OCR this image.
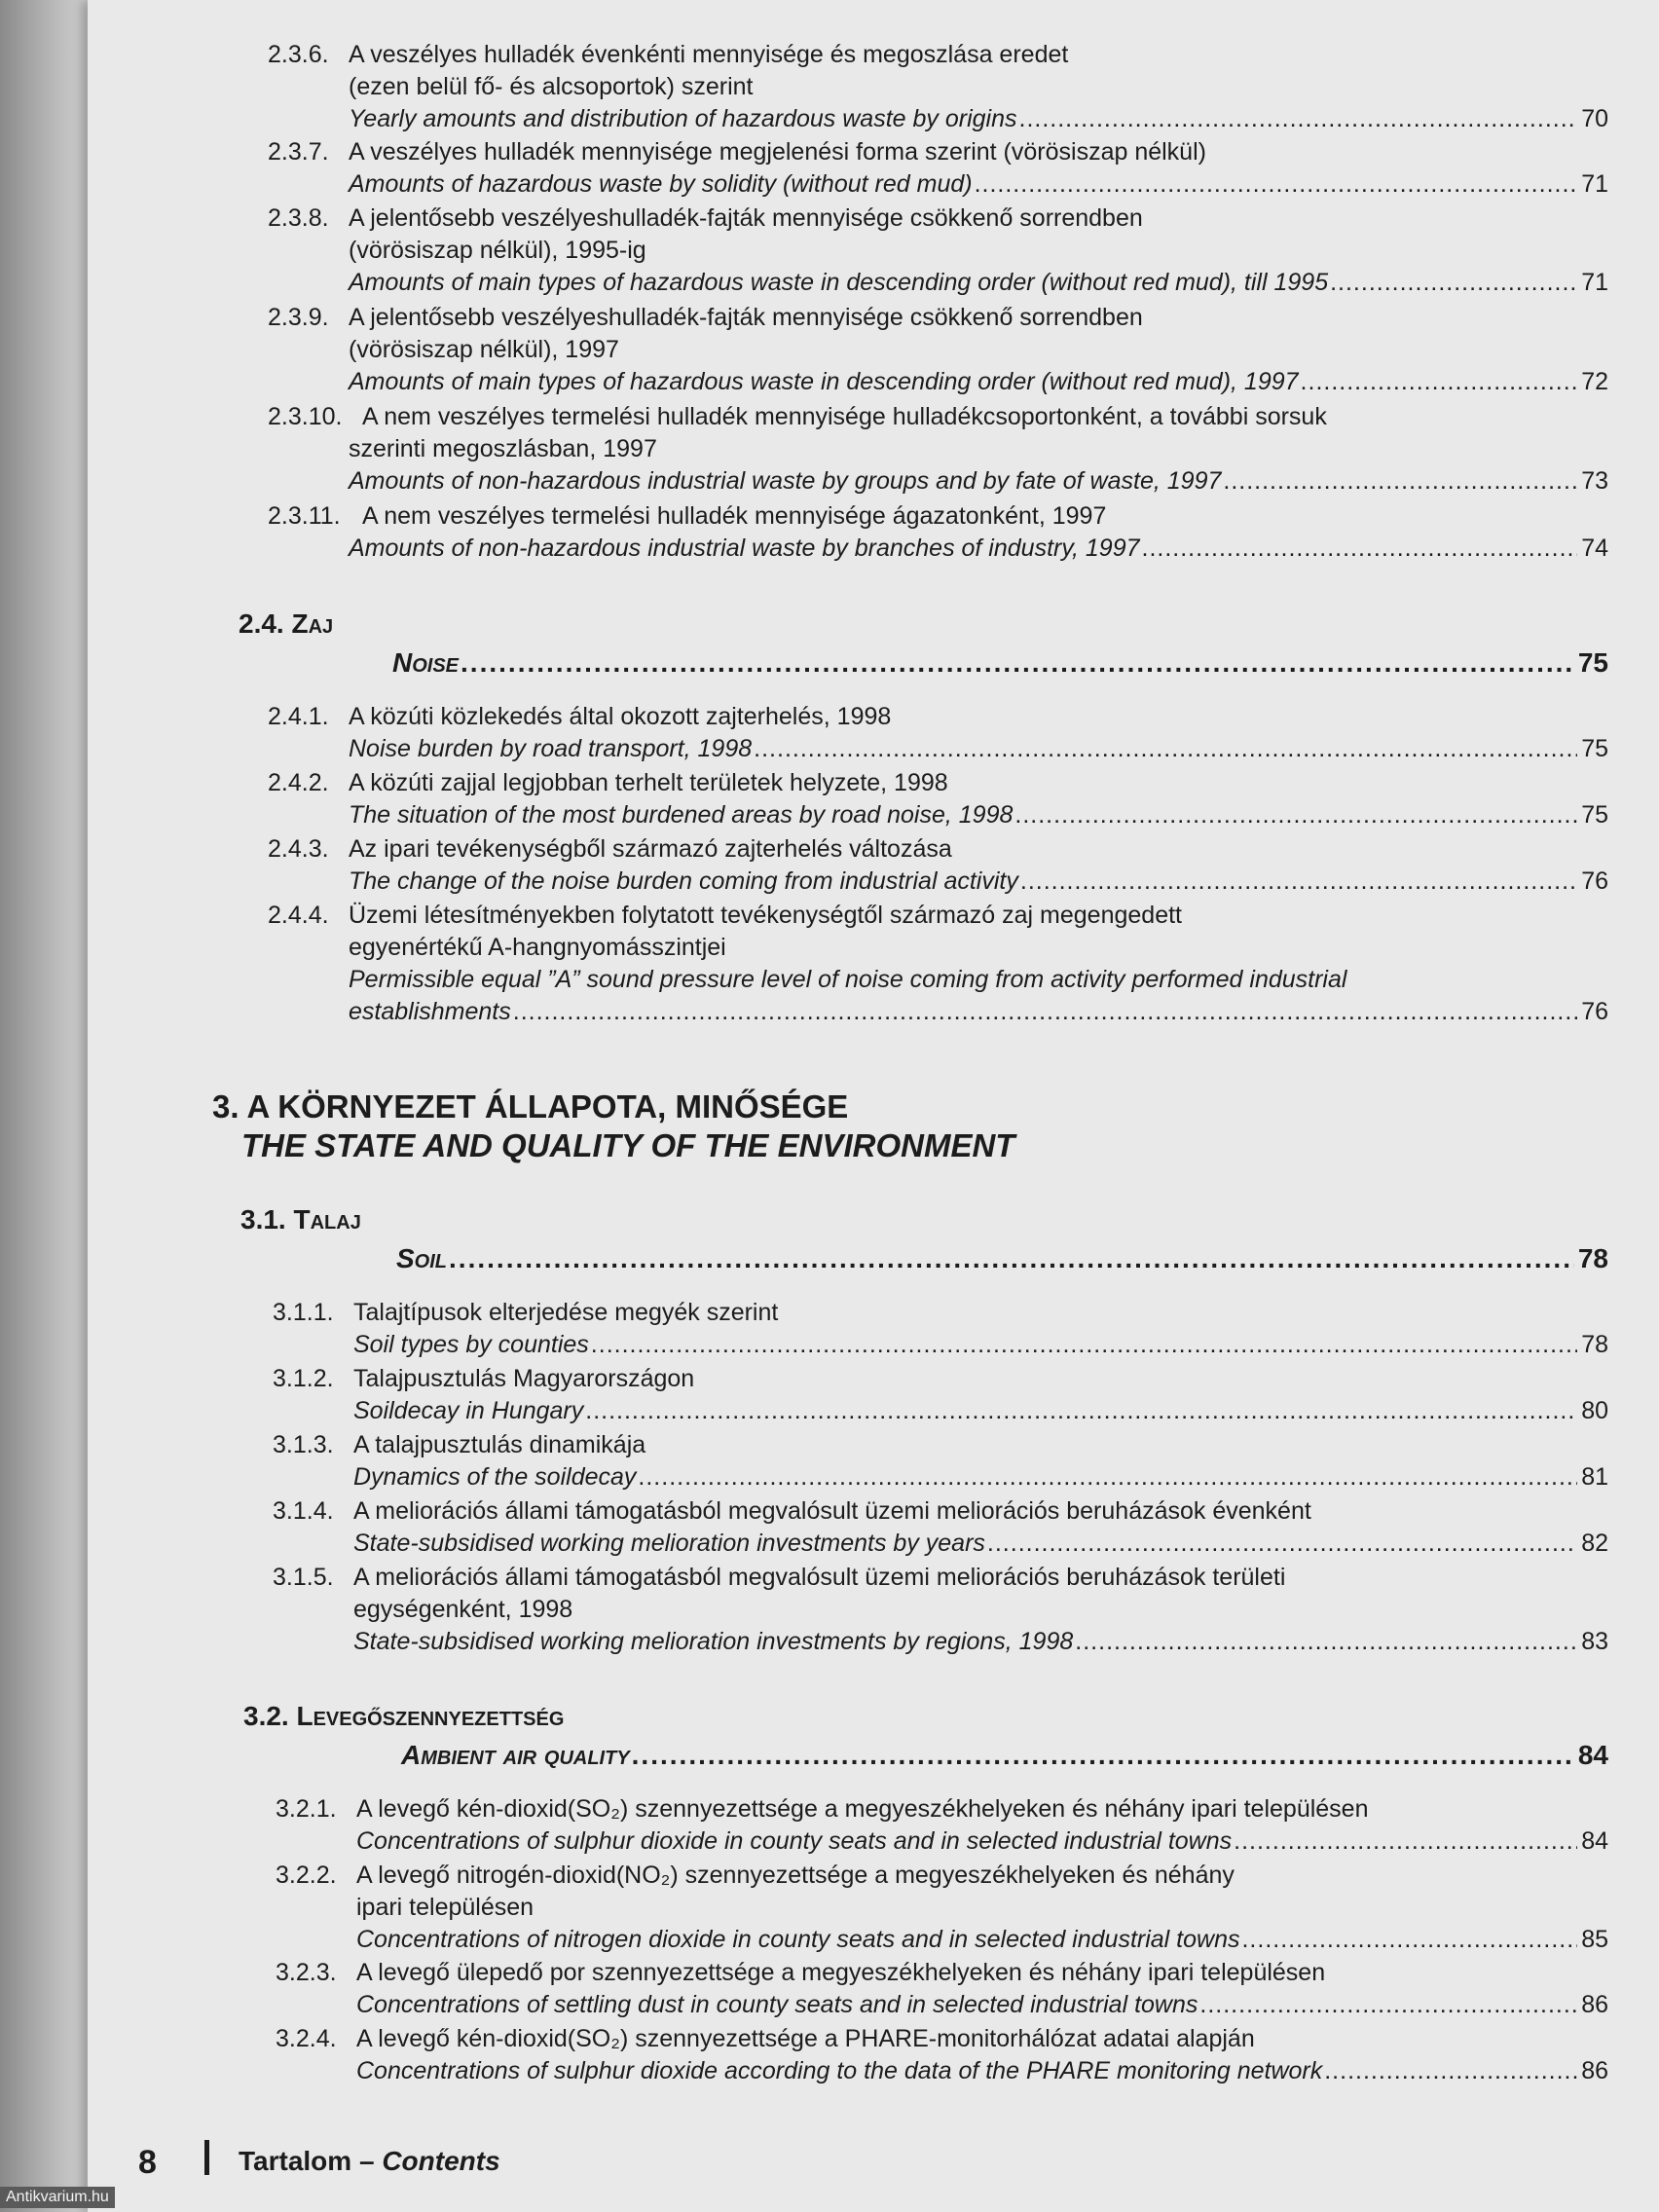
2.3.6. A veszélyes hulladék évenkénti mennyisége és megoszlása eredet
(ezen belül fő- és alcsoportok) szerint
Yearly amounts and distribution of hazardous waste by origins .....	70
2.3.7. A veszélyes hulladék mennyisége megjelenési forma szerint (vörösiszap nélkül)
Amounts of hazardous waste by solidity (without red mud) .....	71
2.3.8. A jelentősebb veszélyeshulladék-fajták mennyisége csökkenő sorrendben
(vörösiszap nélkül), 1995-ig
Amounts of main types of hazardous waste in descending order (without red mud), till 1995 .....	71
2.3.9. A jelentősebb veszélyeshulladék-fajták mennyisége csökkenő sorrendben
(vörösiszap nélkül), 1997
Amounts of main types of hazardous waste in descending order (without red mud), 1997 .....	72
2.3.10. A nem veszélyes termelési hulladék mennyisége hulladékcsoportonként, a további sorsuk
szerinti megoszlásban, 1997
Amounts of non-hazardous industrial waste by groups and by fate of waste, 1997 .....	73
2.3.11. A nem veszélyes termelési hulladék mennyisége ágazatonként, 1997
Amounts of non-hazardous industrial waste by branches of industry, 1997 .....	74
2.4. Zaj
Noise .....	75
2.4.1. A közúti közlekedés által okozott zajterhelés, 1998
Noise burden by road transport, 1998 .....	75
2.4.2. A közúti zajjal legjobban terhelt területek helyzete, 1998
The situation of the most burdened areas by road noise, 1998 .....	75
2.4.3. Az ipari tevékenységből származó zajterhelés változása
The change of the noise burden coming from industrial activity .....	76
2.4.4. Üzemi létesítményekben folytatott tevékenységtől származó zaj megengedett
egyenértékű A-hangnyomásszintjei
Permissible equal ”A” sound pressure level of noise coming from activity performed industrial
establishments .....	76
3. A KÖRNYEZET ÁLLAPOTA, MINŐSÉGE
THE STATE AND QUALITY OF THE ENVIRONMENT
3.1. Talaj
Soil .....	78
3.1.1. Talajtípusok elterjedése megyék szerint
Soil types by counties .....	78
3.1.2. Talajpusztulás Magyarországon
Soildecay in Hungary .....	80
3.1.3. A talajpusztulás dinamikája
Dynamics of the soildecay .....	81
3.1.4. A meliorációs állami támogatásból megvalósult üzemi meliorációs beruházások évenként
State-subsidised working melioration investments by years .....	82
3.1.5. A meliorációs állami támogatásból megvalósult üzemi meliorációs beruházások területi
egységenként, 1998
State-subsidised working melioration investments by regions, 1998 .....	83
3.2. Levegőszennyezettség
Ambient air quality .....	84
3.2.1. A levegő kén-dioxid(SO₂) szennyezettsége a megyeszékhelyeken és néhány ipari településen
Concentrations of sulphur dioxide in county seats and in selected industrial towns .....	84
3.2.2. A levegő nitrogén-dioxid(NO₂) szennyezettsége a megyeszékhelyeken és néhány
ipari településen
Concentrations of nitrogen dioxide in county seats and in selected industrial towns .....	85
3.2.3. A levegő ülepedő por szennyezettsége a megyeszékhelyeken és néhány ipari településen
Concentrations of settling dust in county seats and in selected industrial towns .....	86
3.2.4. A levegő kén-dioxid(SO₂) szennyezettsége a PHARE-monitorhálózat adatai alapján
Concentrations of sulphur dioxide according to the data of the PHARE monitoring network .....	86
8	Tartalom – Contents
Antikvarium.hu
